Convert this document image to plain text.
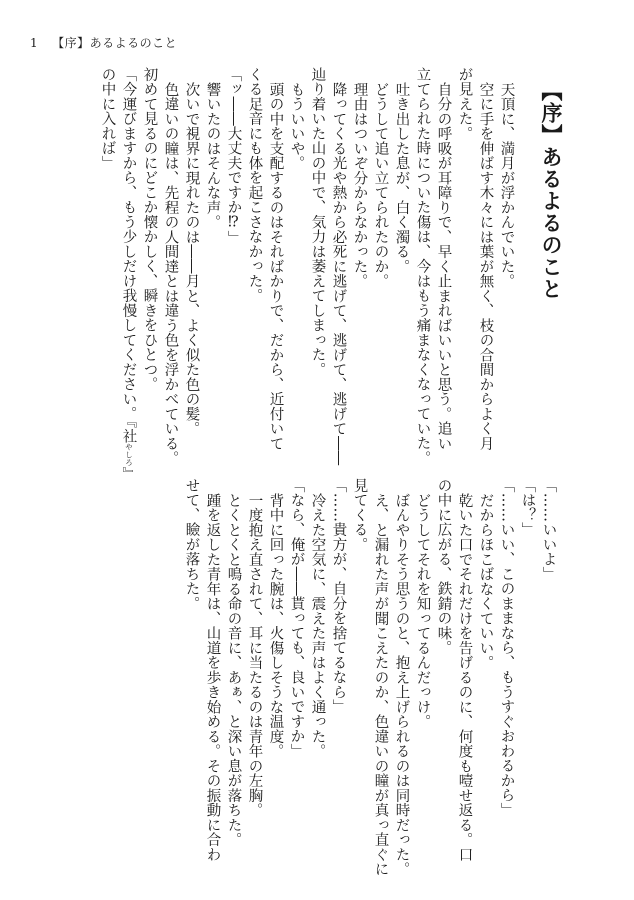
1 【序】あるよるのこと
【序】あるよるのこと
天頂に、満月が浮かんでいた。
空に手を伸ばす木々には葉が無く、枝の合間からよく月
が見えた。
自分の呼吸が耳障りで、早く止まればいいと思う。追い
立てられた時についた傷は、今はもう痛まなくなっていた。
吐き出した息が、白く濁る。
どうして追い立てられたのか。
理由はついぞ分からなかった。
降ってくる光や熱から必死に逃げて、逃げて、逃げて――
辿り着いた山の中で、気力は萎えてしまった。
もういいや。
頭の中を支配するのはそればかりで、だから、近付いて
くる足音にも体を起こさなかった。
「ッ――大丈夫ですか⁉」
響いたのはそんな声。
次いで視界に現れたのは――月と、よく似た色の髪。
色違いの瞳は、先程の人間達とは違う色を浮かべている。
初めて見るのにどこか懐かしく、瞬きをひとつ。
「今運びますから、もう少しだけ我慢してください。『社やしろ』
の中に入れば」
「……いいよ」
「は？」
「……いい、このままなら、もうすぐおわるから」
だからほこばなくていい。
乾いた口でそれだけを告げるのに、何度も噎せ返る。口
の中に広がる、鉄錆の味。
どうしてそれを知ってるんだっけ。
ぼんやりそう思うのと、抱え上げられるのは同時だった。
え、と漏れた声が聞こえたのか、色違いの瞳が真っ直ぐに
見てくる。
「……貴方が、自分を捨てるなら」
冷えた空気に、震えた声はよく通った。
「なら、俺が――貰っても、良いですか」
背中に回った腕は、火傷しそうな温度。
一度抱え直されて、耳に当たるのは青年の左胸。
とくとくと鳴る命の音に、あぁ、と深い息が落ちた。
踵を返した青年は、山道を歩き始める。その振動に合わ
せて、瞼が落ちた。
